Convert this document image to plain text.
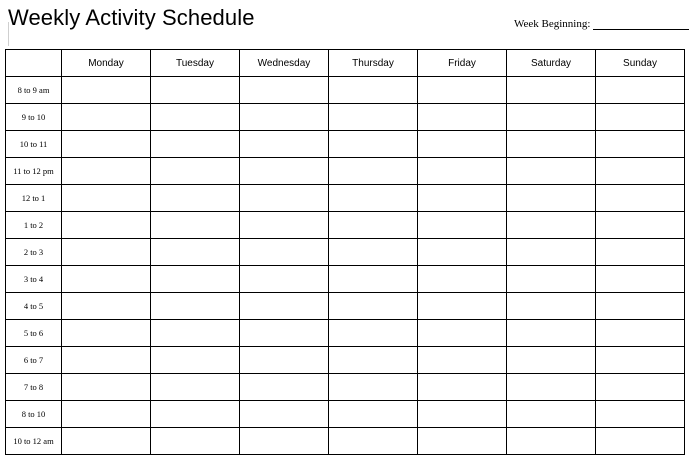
Weekly Activity Schedule	Week Beginning:
	Monday	Tuesday	Wednesday	Thursday	Friday	Saturday	Sunday
8 to 9 am							
9 to 10							
10 to 11							
11 to 12 pm							
12 to 1							
1 to 2							
2 to 3							
3 to 4							
4 to 5							
5 to 6							
6 to 7							
7 to 8							
8 to 10							
10 to 12 am							
